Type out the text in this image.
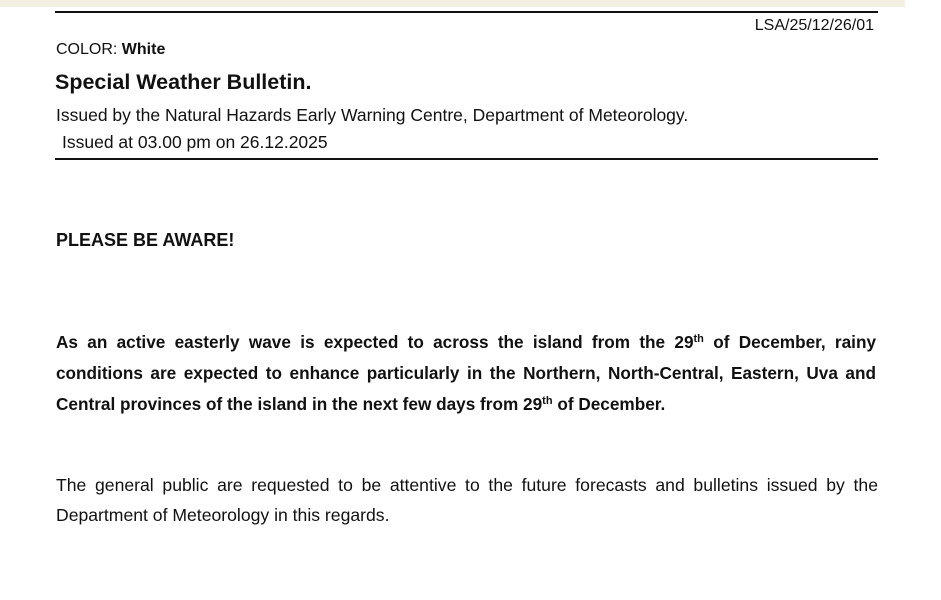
LSA/25/12/26/01
COLOR: White
Special Weather Bulletin.
Issued by the Natural Hazards Early Warning Centre, Department of Meteorology.
Issued at 03.00 pm on 26.12.2025
PLEASE BE AWARE!

As an active easterly wave is expected to across the island from the 29th of December, rainy conditions are expected to enhance particularly in the Northern, North-Central, Eastern, Uva and Central provinces of the island in the next few days from 29th of December.

The general public are requested to be attentive to the future forecasts and bulletins issued by the Department of Meteorology in this regards.
